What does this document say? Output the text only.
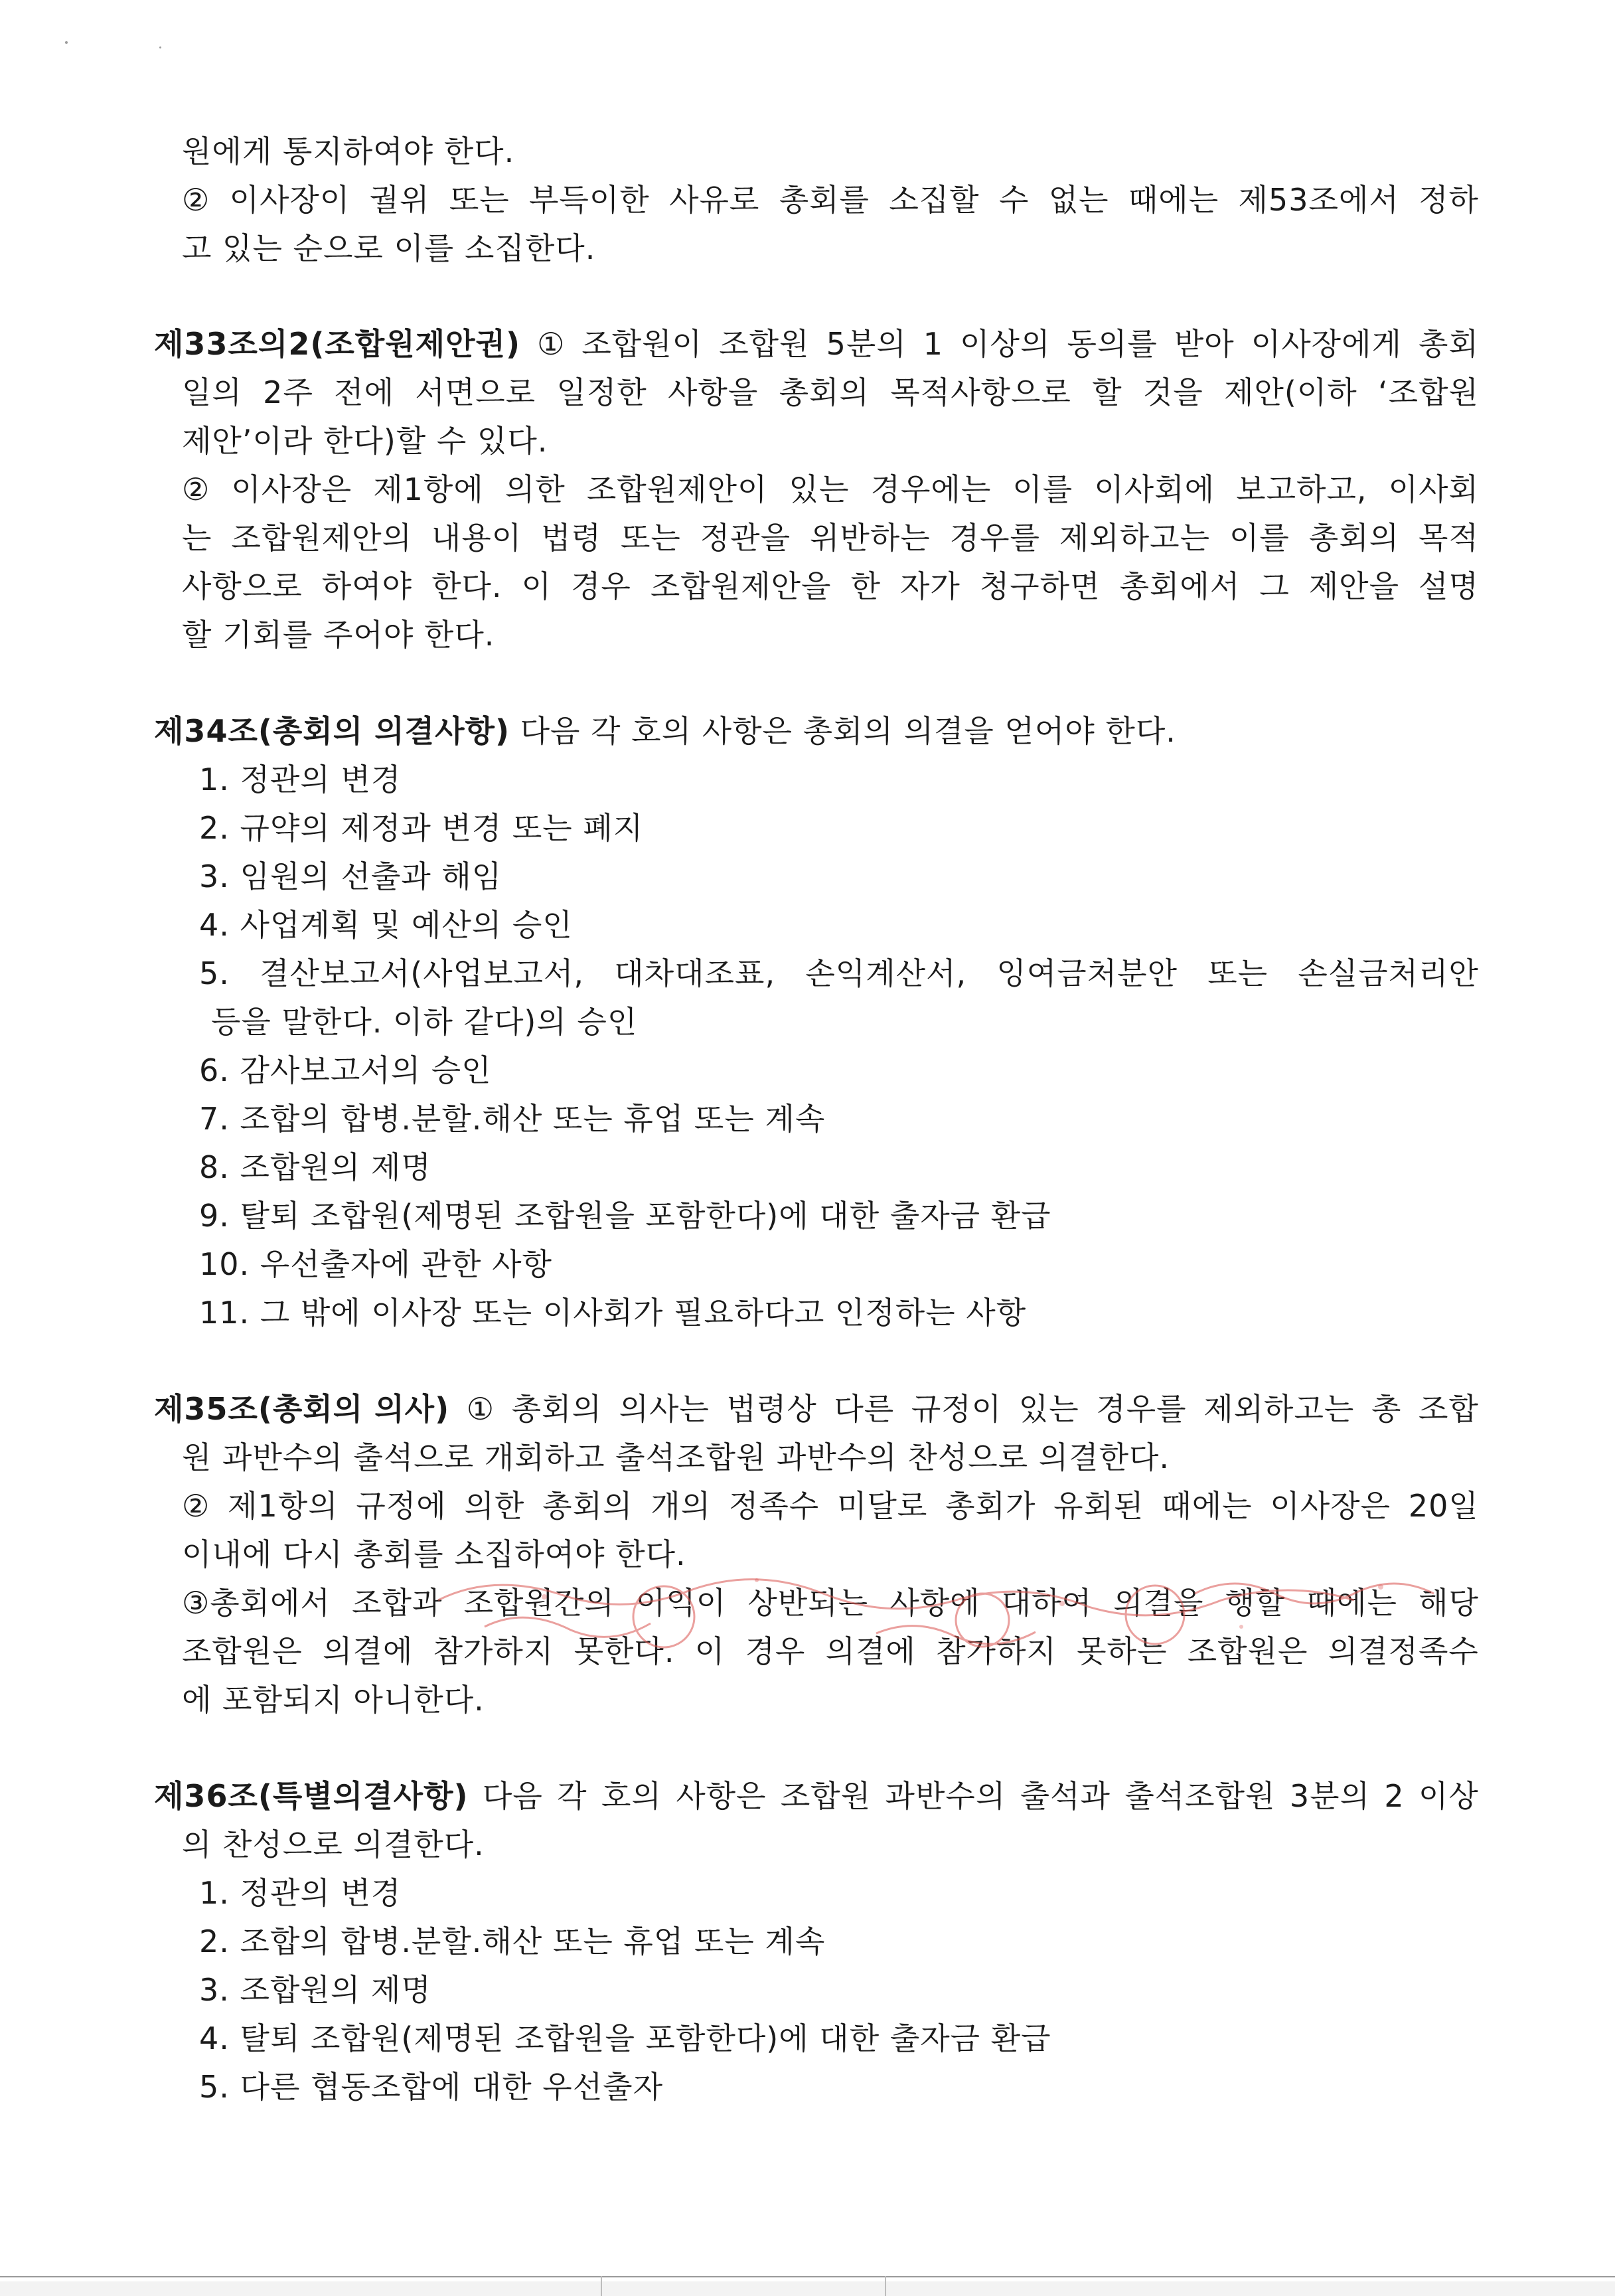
원에게 통지하여야 한다.
② 이사장이 궐위 또는 부득이한 사유로 총회를 소집할 수 없는 때에는 제53조에서 정하
고 있는 순으로 이를 소집한다.
제33조의2(조합원제안권) ① 조합원이 조합원 5분의 1 이상의 동의를 받아 이사장에게 총회
일의 2주 전에 서면으로 일정한 사항을 총회의 목적사항으로 할 것을 제안(이하 ‘조합원
제안’이라 한다)할 수 있다.
② 이사장은 제1항에 의한 조합원제안이 있는 경우에는 이를 이사회에 보고하고, 이사회
는 조합원제안의 내용이 법령 또는 정관을 위반하는 경우를 제외하고는 이를 총회의 목적
사항으로 하여야 한다. 이 경우 조합원제안을 한 자가 청구하면 총회에서 그 제안을 설명
할 기회를 주어야 한다.
제34조(총회의 의결사항) 다음 각 호의 사항은 총회의 의결을 얻어야 한다.
1. 정관의 변경
2. 규약의 제정과 변경 또는 폐지
3. 임원의 선출과 해임
4. 사업계획 및 예산의 승인
5. 결산보고서(사업보고서, 대차대조표, 손익계산서, 잉여금처분안 또는 손실금처리안
등을 말한다. 이하 같다)의 승인
6. 감사보고서의 승인
7. 조합의 합병.분할.해산 또는 휴업 또는 계속
8. 조합원의 제명
9. 탈퇴 조합원(제명된 조합원을 포함한다)에 대한 출자금 환급
10. 우선출자에 관한 사항
11. 그 밖에 이사장 또는 이사회가 필요하다고 인정하는 사항
제35조(총회의 의사) ① 총회의 의사는 법령상 다른 규정이 있는 경우를 제외하고는 총 조합
원 과반수의 출석으로 개회하고 출석조합원 과반수의 찬성으로 의결한다.
② 제1항의 규정에 의한 총회의 개의 정족수 미달로 총회가 유회된 때에는 이사장은 20일
이내에 다시 총회를 소집하여야 한다.
③총회에서 조합과 조합원간의 이익이 상반되는 사항에 대하여 의결을 행할 때에는 해당
조합원은 의결에 참가하지 못한다. 이 경우 의결에 참가하지 못하는 조합원은 의결정족수
에 포함되지 아니한다.
제36조(특별의결사항) 다음 각 호의 사항은 조합원 과반수의 출석과 출석조합원 3분의 2 이상
의 찬성으로 의결한다.
1. 정관의 변경
2. 조합의 합병.분할.해산 또는 휴업 또는 계속
3. 조합원의 제명
4. 탈퇴 조합원(제명된 조합원을 포함한다)에 대한 출자금 환급
5. 다른 협동조합에 대한 우선출자
